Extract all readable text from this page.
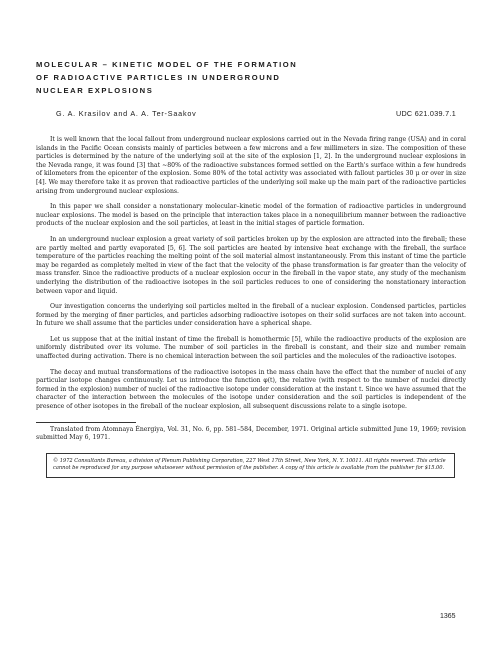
MOLECULAR – KINETIC MODEL OF THE FORMATION
OF RADIOACTIVE PARTICLES IN UNDERGROUND
NUCLEAR EXPLOSIONS
G. A. Krasilov and A. A. Ter-Saakov	UDC 621.039.7.1

It is well known that the local fallout from underground nuclear explosions carried out in the Nevada firing range (USA) and in coral islands in the Pacific Ocean consists mainly of particles between a few microns and a few millimeters in size. The composition of these particles is determined by the nature of the underlying soil at the site of the explosion [1, 2]. In the underground nuclear explosions in the Nevada range, it was found [3] that ~80% of the radioactive substances formed settled on the Earth's surface within a few hundreds of kilometers from the epicenter of the explosion. Some 80% of the total activity was associated with fallout particles 30 μ or over in size [4]. We may therefore take it as proven that radioactive particles of the underlying soil make up the main part of the radioactive particles arising from underground nuclear explosions.

In this paper we shall consider a nonstationary molecular–kinetic model of the formation of radioactive particles in underground nuclear explosions. The model is based on the principle that interaction takes place in a nonequilibrium manner between the radioactive products of the nuclear explosion and the soil particles, at least in the initial stages of particle formation.

In an underground nuclear explosion a great variety of soil particles broken up by the explosion are attracted into the fireball; these are partly melted and partly evaporated [5, 6]. The soil particles are heated by intensive heat exchange with the fireball, the surface temperature of the particles reaching the melting point of the soil material almost instantaneously. From this instant of time the particle may be regarded as completely melted in view of the fact that the velocity of the phase transformation is far greater than the velocity of mass transfer. Since the radioactive products of a nuclear explosion occur in the fireball in the vapor state, any study of the mechanism underlying the distribution of the radioactive isotopes in the soil particles reduces to one of considering the nonstationary interaction between vapor and liquid.

Our investigation concerns the underlying soil particles melted in the fireball of a nuclear explosion. Condensed particles, particles formed by the merging of finer particles, and particles adsorbing radioactive isotopes on their solid surfaces are not taken into account. In future we shall assume that the particles under consideration have a spherical shape.

Let us suppose that at the initial instant of time the fireball is homothermic [5], while the radioactive products of the explosion are uniformly distributed over its volume. The number of soil particles in the fireball is constant, and their size and number remain unaffected during activation. There is no chemical interaction between the soil particles and the molecules of the radioactive isotopes.

The decay and mutual transformations of the radioactive isotopes in the mass chain have the effect that the number of nuclei of any particular isotope changes continuously. Let us introduce the function φ(t), the relative (with respect to the number of nuclei directly formed in the explosion) number of nuclei of the radioactive isotope under consideration at the instant t. Since we have assumed that the character of the interaction between the molecules of the isotope under consideration and the soil particles is independent of the presence of other isotopes in the fireball of the nuclear explosion, all subsequent discussions relate to a single isotope.

Translated from Atomnaya Énergiya, Vol. 31, No. 6, pp. 581–584, December, 1971. Original article submitted June 19, 1969; revision submitted May 6, 1971.

© 1972 Consultants Bureau, a division of Plenum Publishing Corporation, 227 West 17th Street, New York, N. Y. 10011. All rights reserved. This article cannot be reproduced for any purpose whatsoever without permission of the publisher. A copy of this article is available from the publisher for $15.00.
1365
